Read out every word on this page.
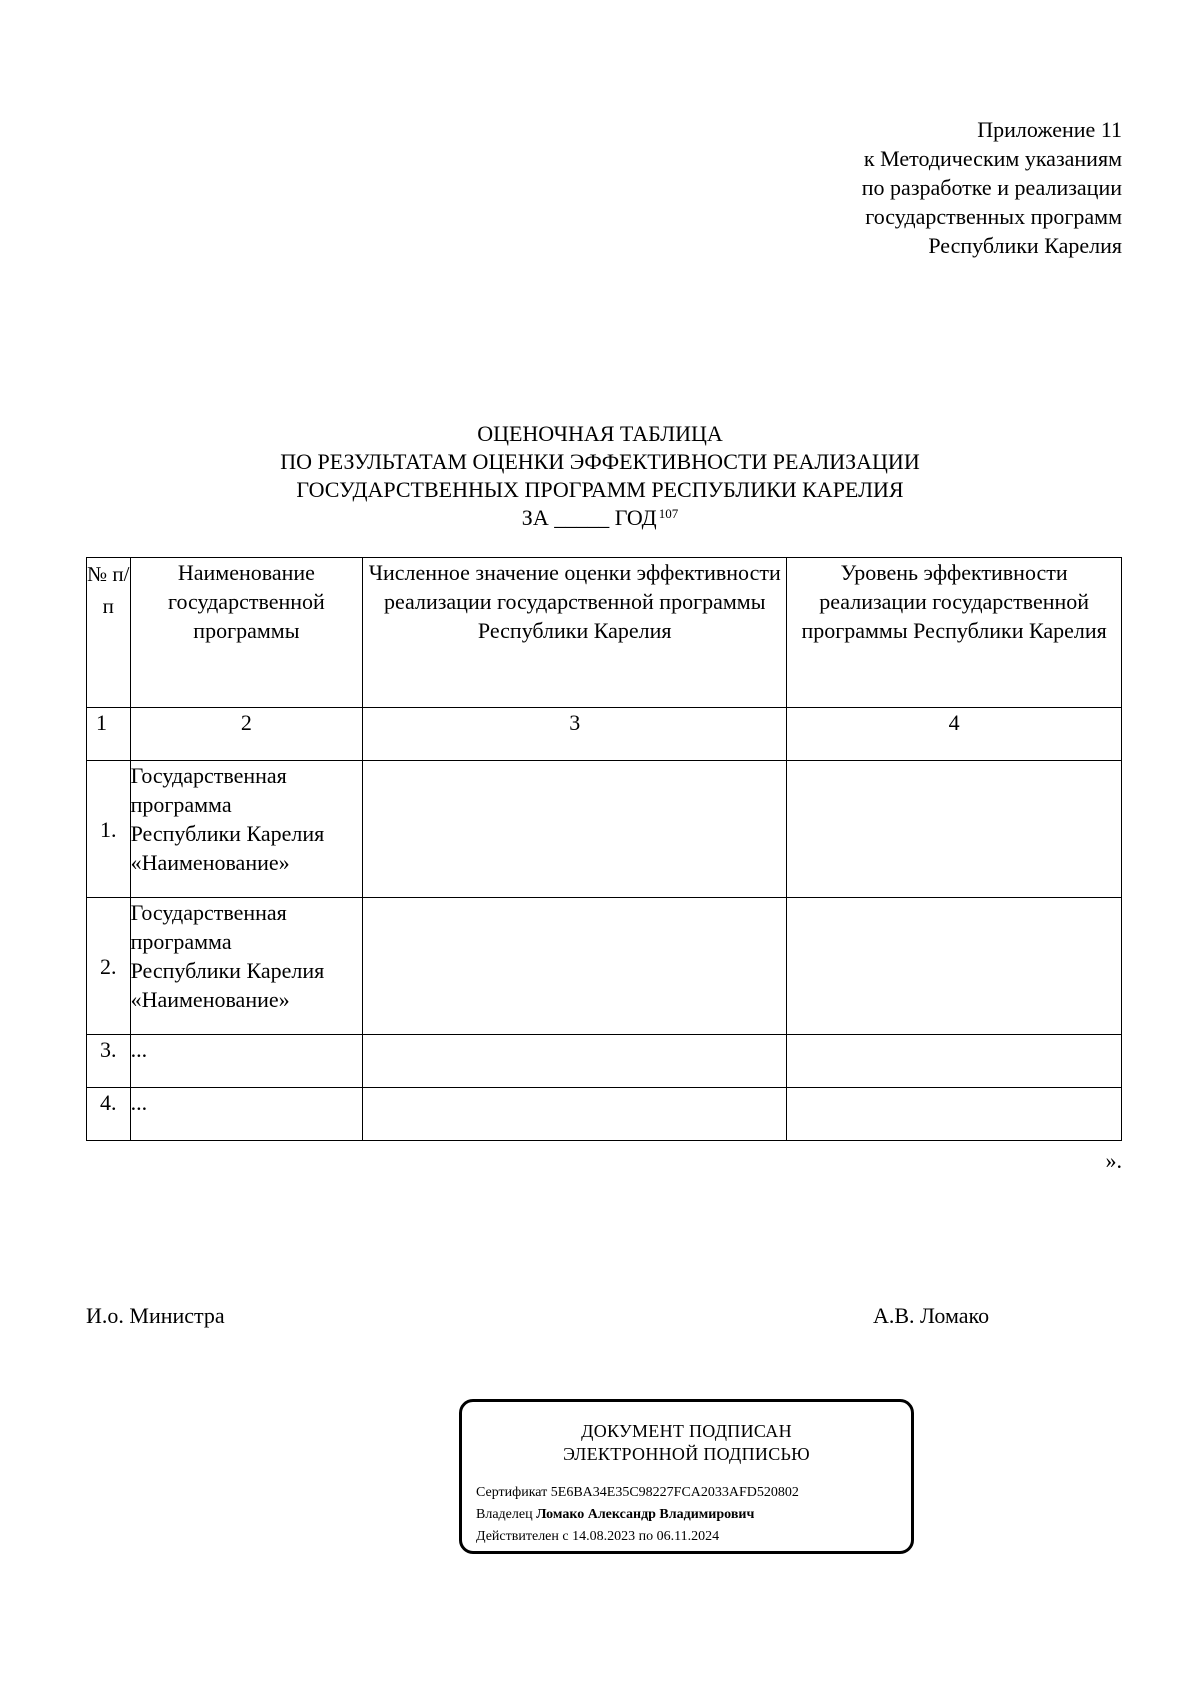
Приложение 11
к Методическим указаниям
по разработке и реализации
государственных программ
Республики Карелия
ОЦЕНОЧНАЯ ТАБЛИЦА
ПО РЕЗУЛЬТАТАМ ОЦЕНКИ ЭФФЕКТИВНОСТИ РЕАЛИЗАЦИИ
ГОСУДАРСТВЕННЫХ ПРОГРАММ РЕСПУБЛИКИ КАРЕЛИЯ
ЗА _____ ГОД $^{107}$
№ п/п	Наименование государственной программы	Численное значение оценки эффективности реализации государственной программы Республики Карелия	Уровень эффективности реализации государственной программы Республики Карелия
1	2	3	4
1.	Государственная
программа
Республики Карелия
«Наименование»		

2.	Государственная
программа
Республики Карелия
«Наименование»		

3.	...		
4.	...		
».
И.о. Министра	А.В. Ломако
ДОКУМЕНТ ПОДПИСАН
ЭЛЕКТРОННОЙ ПОДПИСЬЮ
Сертификат 5E6BA34E35C98227FCA2033AFD520802
Владелец Ломако Александр Владимирович
Действителен с 14.08.2023 по 06.11.2024
